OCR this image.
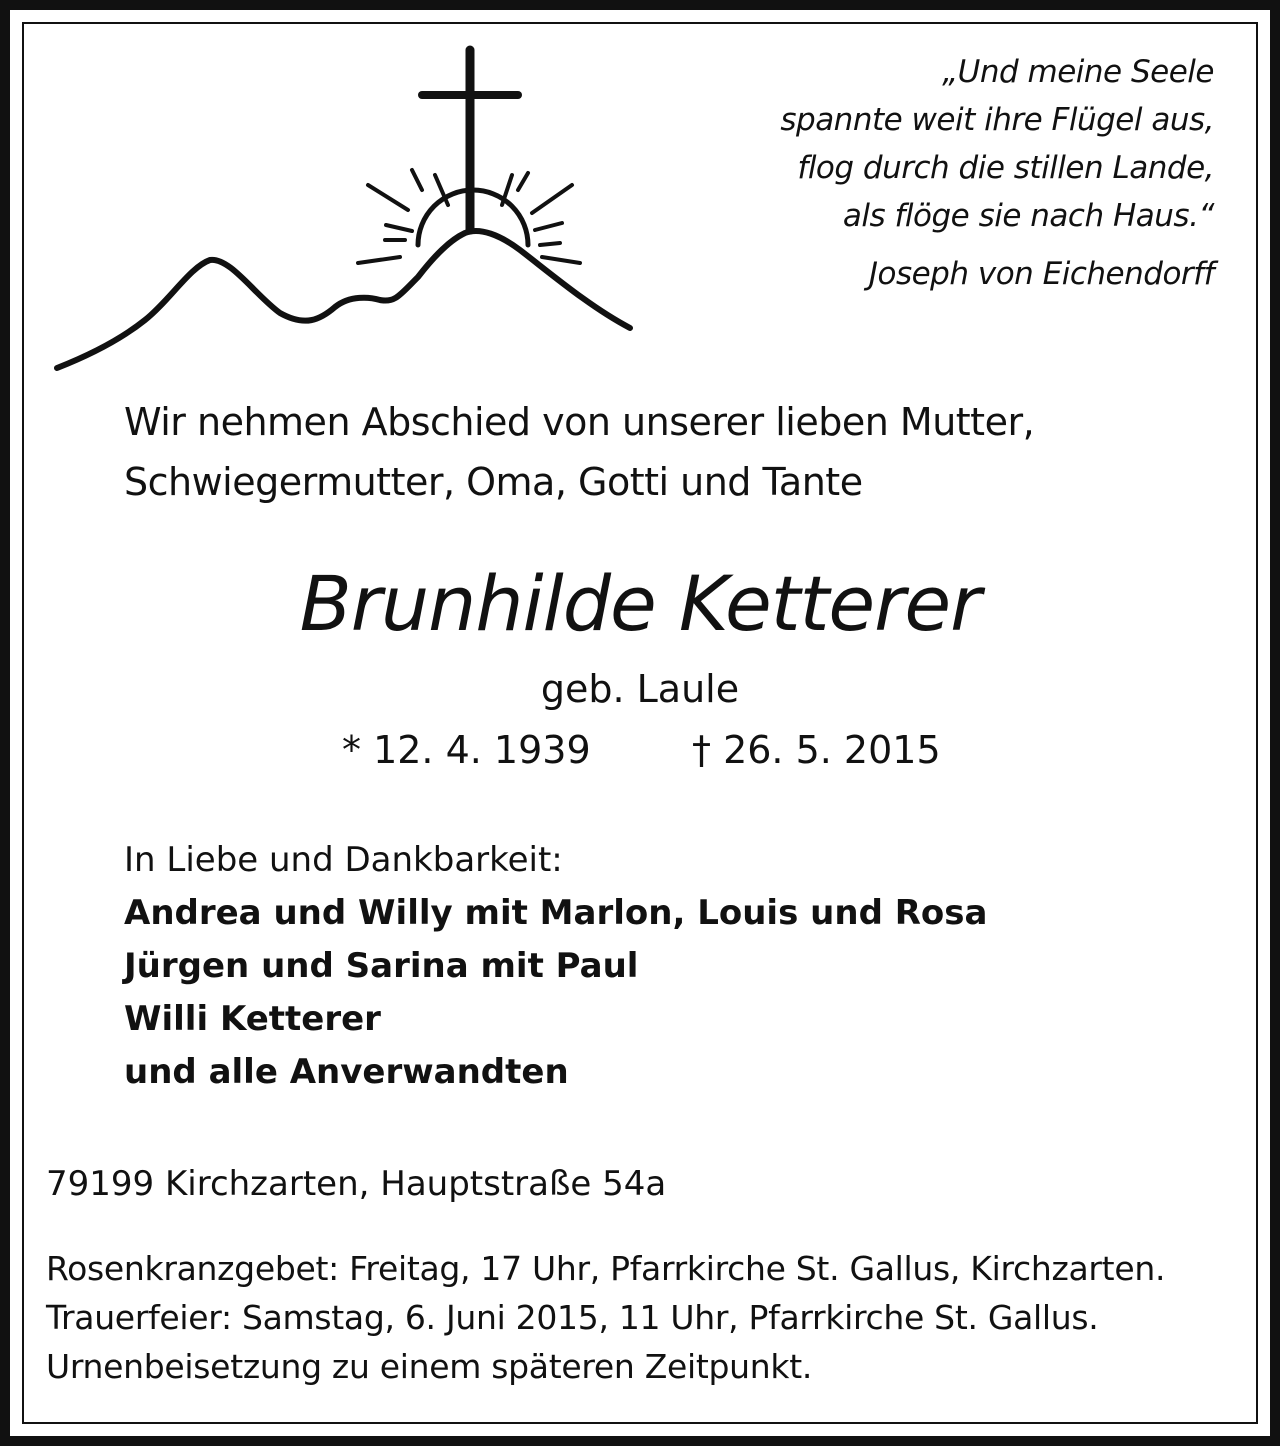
„Und meine Seele
spannte weit ihre Flügel aus,
flog durch die stillen Lande,
als flöge sie nach Haus.“
Joseph von Eichendorff
Wir nehmen Abschied von unserer lieben Mutter,
Schwiegermutter, Oma, Gotti und Tante
Brunhilde Ketterer
geb. Laule
* 12. 4. 1939	† 26. 5. 2015
In Liebe und Dankbarkeit:
Andrea und Willy mit Marlon, Louis und Rosa
Jürgen und Sarina mit Paul
Willi Ketterer
und alle Anverwandten
79199 Kirchzarten, Hauptstraße 54a
Rosenkranzgebet: Freitag, 17 Uhr, Pfarrkirche St. Gallus, Kirchzarten.
Trauerfeier: Samstag, 6. Juni 2015, 11 Uhr, Pfarrkirche St. Gallus.
Urnenbeisetzung zu einem späteren Zeitpunkt.
